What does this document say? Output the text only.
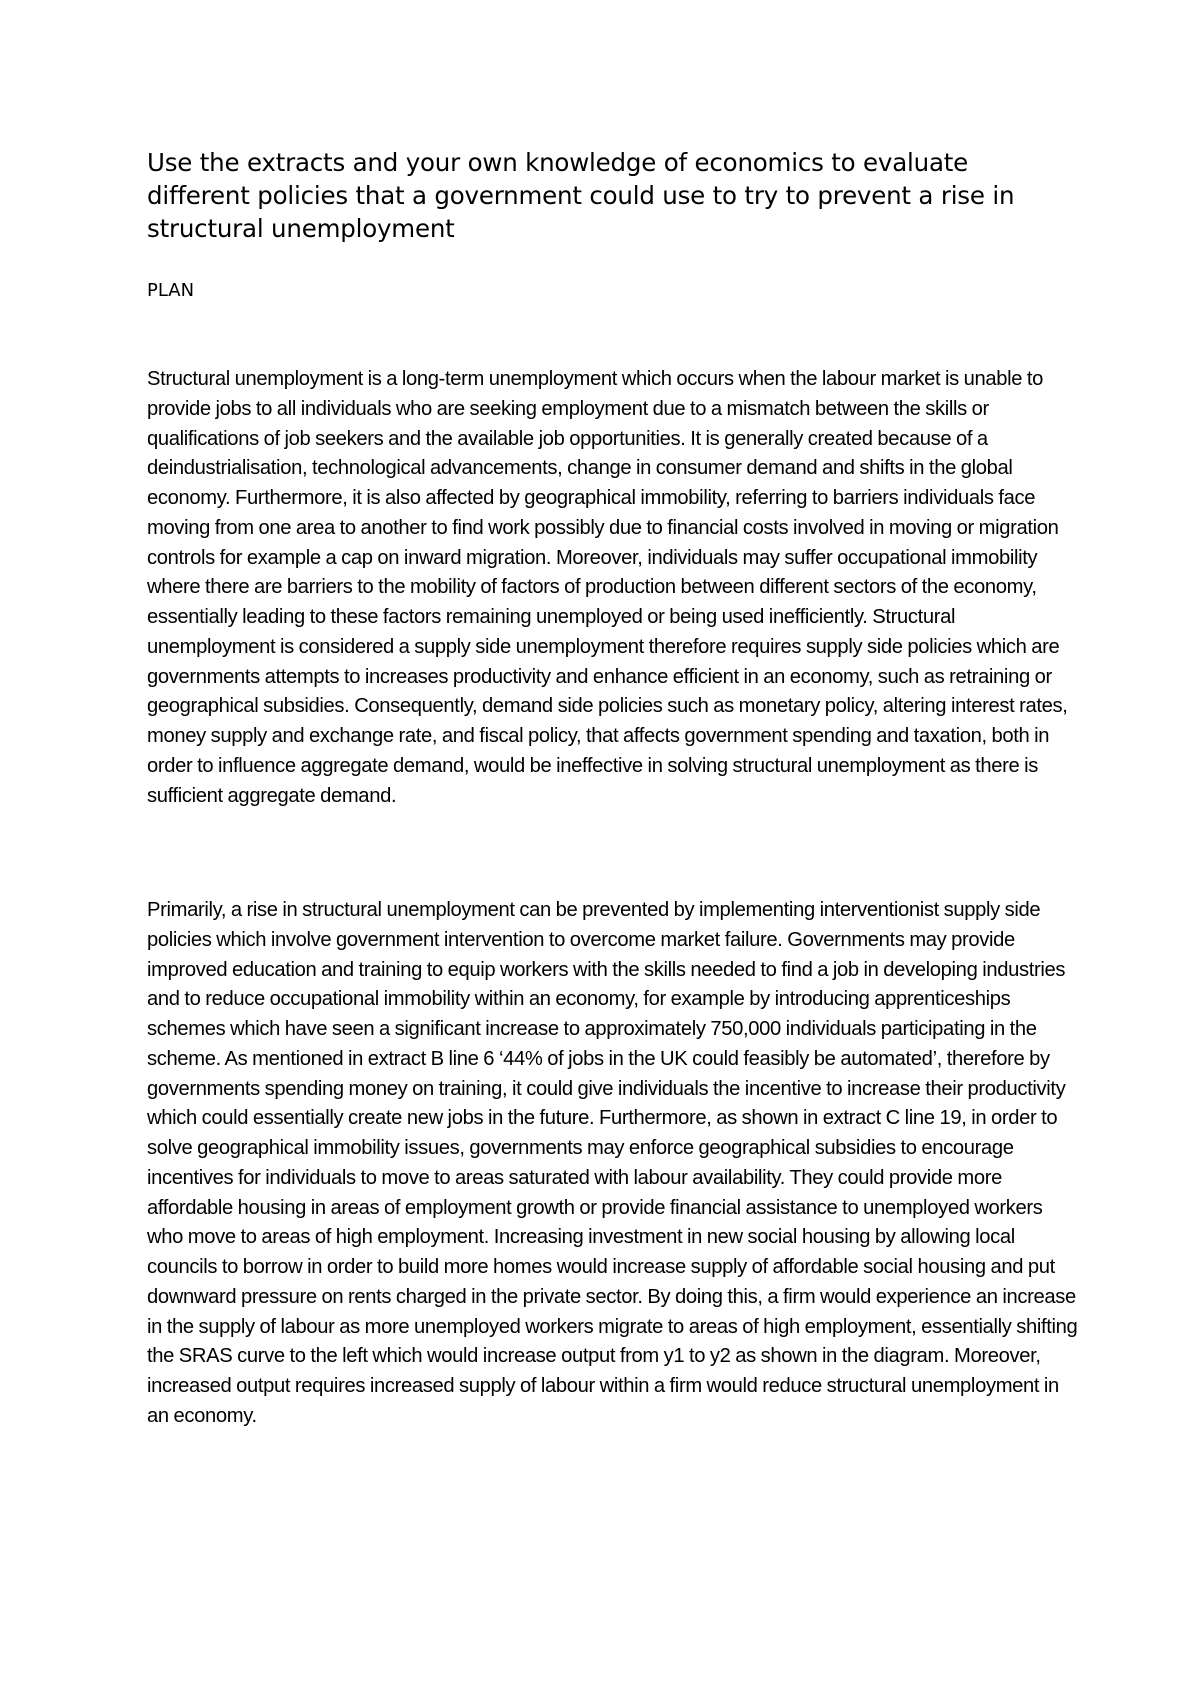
Use the extracts and your own knowledge of economics to evaluate different policies that a government could use to try to prevent a rise in structural unemployment

PLAN

Structural unemployment is a long-term unemployment which occurs when the labour market is unable to provide jobs to all individuals who are seeking employment due to a mismatch between the skills or qualifications of job seekers and the available job opportunities. It is generally created because of a deindustrialisation, technological advancements, change in consumer demand and shifts in the global economy. Furthermore, it is also affected by geographical immobility, referring to barriers individuals face moving from one area to another to find work possibly due to financial costs involved in moving or migration controls for example a cap on inward migration. Moreover, individuals may suffer occupational immobility where there are barriers to the mobility of factors of production between different sectors of the economy, essentially leading to these factors remaining unemployed or being used inefficiently. Structural unemployment is considered a supply side unemployment therefore requires supply side policies which are governments attempts to increases productivity and enhance efficient in an economy, such as retraining or geographical subsidies. Consequently, demand side policies such as monetary policy, altering interest rates, money supply and exchange rate, and fiscal policy, that affects government spending and taxation, both in order to influence aggregate demand, would be ineffective in solving structural unemployment as there is sufficient aggregate demand.

Primarily, a rise in structural unemployment can be prevented by implementing interventionist supply side policies which involve government intervention to overcome market failure. Governments may provide improved education and training to equip workers with the skills needed to find a job in developing industries and to reduce occupational immobility within an economy, for example by introducing apprenticeships schemes which have seen a significant increase to approximately 750,000 individuals participating in the scheme. As mentioned in extract B line 6 ‘44% of jobs in the UK could feasibly be automated’, therefore by governments spending money on training, it could give individuals the incentive to increase their productivity which could essentially create new jobs in the future. Furthermore, as shown in extract C line 19, in order to solve geographical immobility issues, governments may enforce geographical subsidies to encourage incentives for individuals to move to areas saturated with labour availability. They could provide more affordable housing in areas of employment growth or provide financial assistance to unemployed workers who move to areas of high employment. Increasing investment in new social housing by allowing local councils to borrow in order to build more homes would increase supply of affordable social housing and put downward pressure on rents charged in the private sector. By doing this, a firm would experience an increase in the supply of labour as more unemployed workers migrate to areas of high employment, essentially shifting the SRAS curve to the left which would increase output from y1 to y2 as shown in the diagram. Moreover, increased output requires increased supply of labour within a firm would reduce structural unemployment in an economy.
